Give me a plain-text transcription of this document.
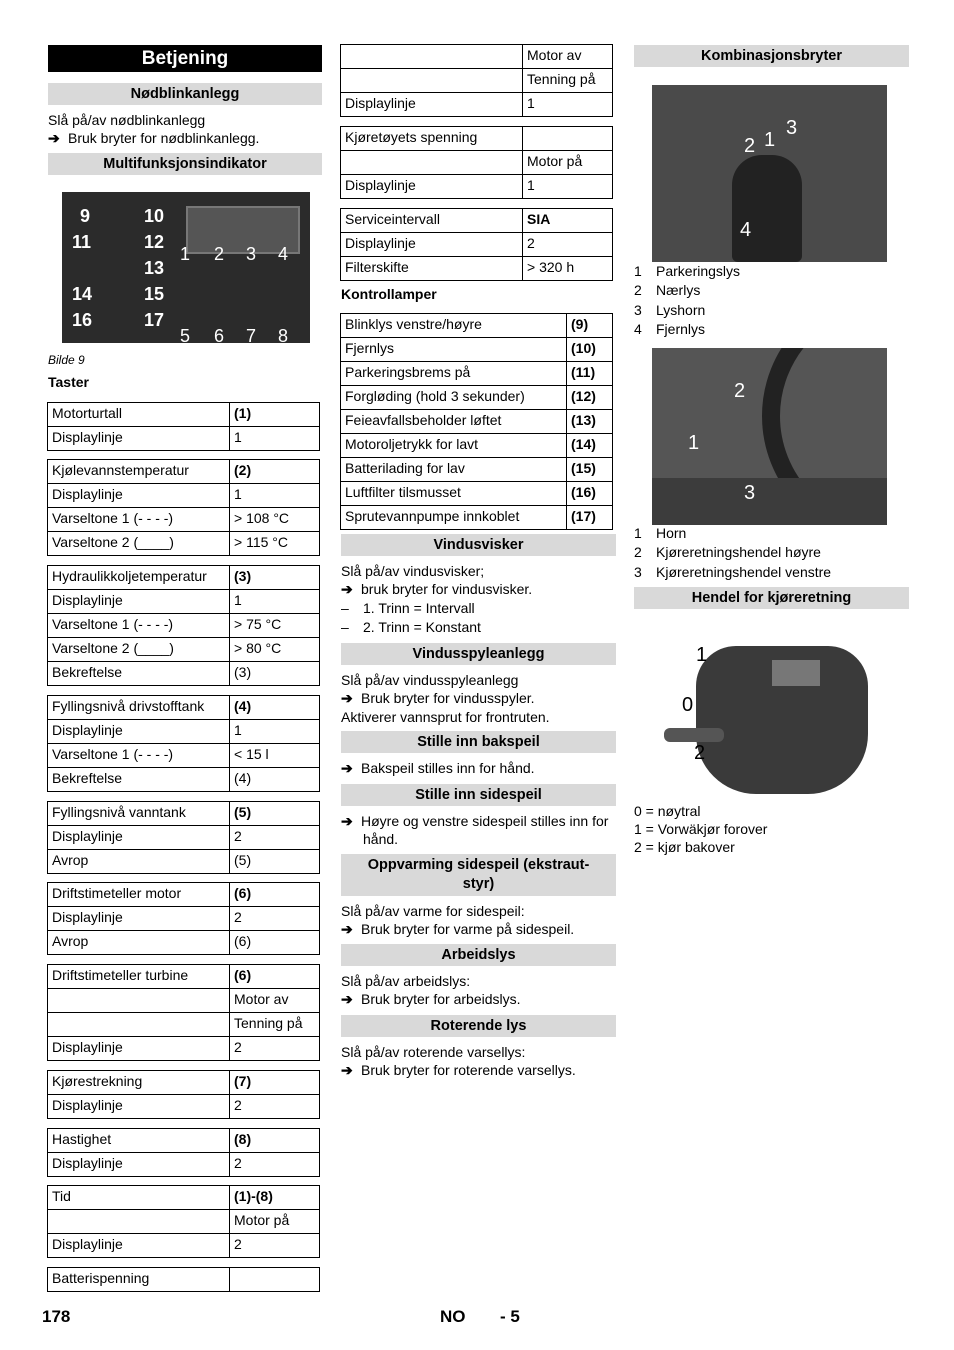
Betjening
Nødblinkanlegg
Slå på/av nødblinkanlegg
➔ Bruk bryter for nødblinkanlegg.
Multifunksjonsindikator
9	10
11	12
13
14	15
16	17
1 2 3 4
5 6 7 8
Bilde 9
Taster
Motorturtall	(1)
Displaylinje	1
Kjølevannstemperatur	(2)
Displaylinje	1
Varseltone 1 (- - - -)	> 108 °C
Varseltone 2 (____)	> 115 °C
Hydraulikkoljetemperatur	(3)
Displaylinje	1
Varseltone 1 (- - - -)	> 75 °C
Varseltone 2 (____)	> 80 °C
Bekreftelse	(3)
Fyllingsnivå drivstofftank	(4)
Displaylinje	1
Varseltone 1 (- - - -)	< 15 l
Bekreftelse	(4)
Fyllingsnivå vanntank	(5)
Displaylinje	2
Avrop	(5)
Driftstimeteller motor	(6)
Displaylinje	2
Avrop	(6)
Driftstimeteller turbine	(6)
	Motor av
	Tenning på
Displaylinje	2
Kjørestrekning	(7)
Displaylinje	2
Hastighet	(8)
Displaylinje	2
Tid	(1)-(8)
	Motor på
Displaylinje	2
Batterispenning	
	Motor av
	Tenning på
Displaylinje	1
Kjøretøyets spenning	
	Motor på
Displaylinje	1
Serviceintervall	SIA
Displaylinje	2
Filterskifte	> 320 h
Kontrollamper
Blinklys venstre/høyre	(9)
Fjernlys	(10)
Parkeringsbrems på	(11)
Forgløding (hold 3 sekunder)	(12)
Feieavfallsbeholder løftet	(13)
Motoroljetrykk for lavt	(14)
Batterilading for lav	(15)
Luftfilter tilsmusset	(16)
Sprutevannpumpe innkoblet	(17)
Vindusvisker
Slå på/av vindusvisker;
➔ bruk bryter for vindusvisker.
– 1. Trinn = Intervall
– 2. Trinn = Konstant
Vindusspyleanlegg
Slå på/av vindusspyleanlegg
➔ Bruk bryter for vindusspyler.
Aktiverer vannsprut for frontruten.
Stille inn bakspeil
➔ Bakspeil stilles inn for hånd.
Stille inn sidespeil
➔ Høyre og venstre sidespeil stilles inn for
hånd.
Oppvarming sidespeil (ekstraut-
styr)
Slå på/av varme for sidespeil:
➔ Bruk bryter for varme på sidespeil.
Arbeidslys
Slå på/av arbeidslys:
➔ Bruk bryter for arbeidslys.
Roterende lys
Slå på/av roterende varsellys:
➔ Bruk bryter for roterende varsellys.
Kombinasjonsbryter
2 1
3
4
1 Parkeringslys
2 Nærlys
3 Lyshorn
4 Fjernlys
2
1
3
1 Horn
2 Kjøreretningshendel høyre
3 Kjøreretningshendel venstre
Hendel for kjøreretning
1
0
2
0 = nøytral
1 = Vorwäkjør forover
2 = kjør bakover
178	NO - 5
